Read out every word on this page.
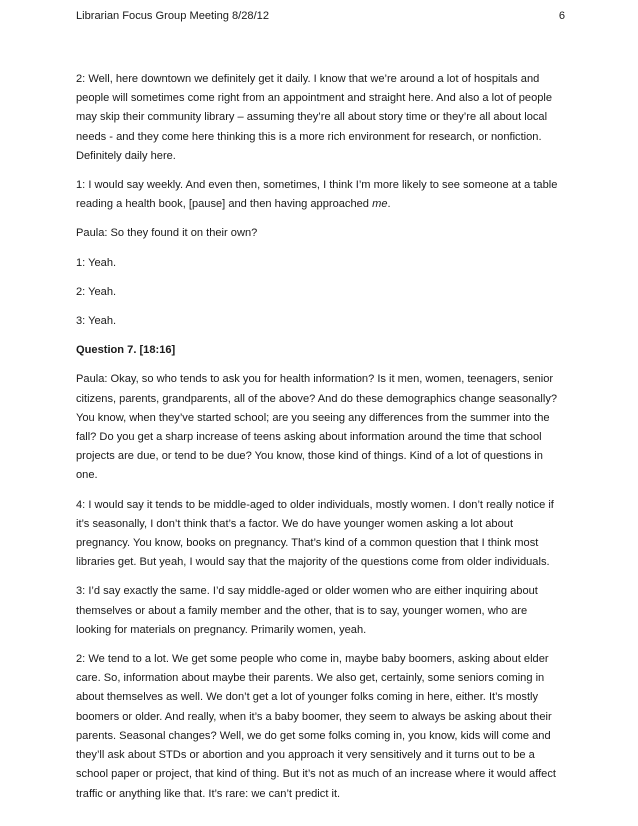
Librarian Focus Group Meeting 8/28/12	6

2: Well, here downtown we definitely get it daily. I know that we’re around a lot of hospitals and people will sometimes come right from an appointment and straight here. And also a lot of people may skip their community library – assuming they’re all about story time or they’re all about local needs - and they come here thinking this is a more rich environment for research, or nonfiction. Definitely daily here.

1: I would say weekly. And even then, sometimes, I think I’m more likely to see someone at a table reading a health book, [pause] and then having approached me.

Paula: So they found it on their own?

1: Yeah.

2: Yeah.

3: Yeah.

Question 7. [18:16]

Paula: Okay, so who tends to ask you for health information? Is it men, women, teenagers, senior citizens, parents, grandparents, all of the above? And do these demographics change seasonally? You know, when they’ve started school; are you seeing any differences from the summer into the fall? Do you get a sharp increase of teens asking about information around the time that school projects are due, or tend to be due? You know, those kind of things. Kind of a lot of questions in one.

4: I would say it tends to be middle-aged to older individuals, mostly women. I don’t really notice if it’s seasonally, I don’t think that’s a factor. We do have younger women asking a lot about pregnancy. You know, books on pregnancy. That’s kind of a common question that I think most libraries get. But yeah, I would say that the majority of the questions come from older individuals.

3: I’d say exactly the same. I’d say middle-aged or older women who are either inquiring about themselves or about a family member and the other, that is to say, younger women, who are looking for materials on pregnancy. Primarily women, yeah.

2: We tend to a lot. We get some people who come in, maybe baby boomers, asking about elder care. So, information about maybe their parents. We also get, certainly, some seniors coming in about themselves as well. We don’t get a lot of younger folks coming in here, either. It’s mostly boomers or older. And really, when it’s a baby boomer, they seem to always be asking about their parents. Seasonal changes? Well, we do get some folks coming in, you know, kids will come and they’ll ask about STDs or abortion and you approach it very sensitively and it turns out to be a school paper or project, that kind of thing. But it’s not as much of an increase where it would affect traffic or anything like that. It’s rare: we can’t predict it.
